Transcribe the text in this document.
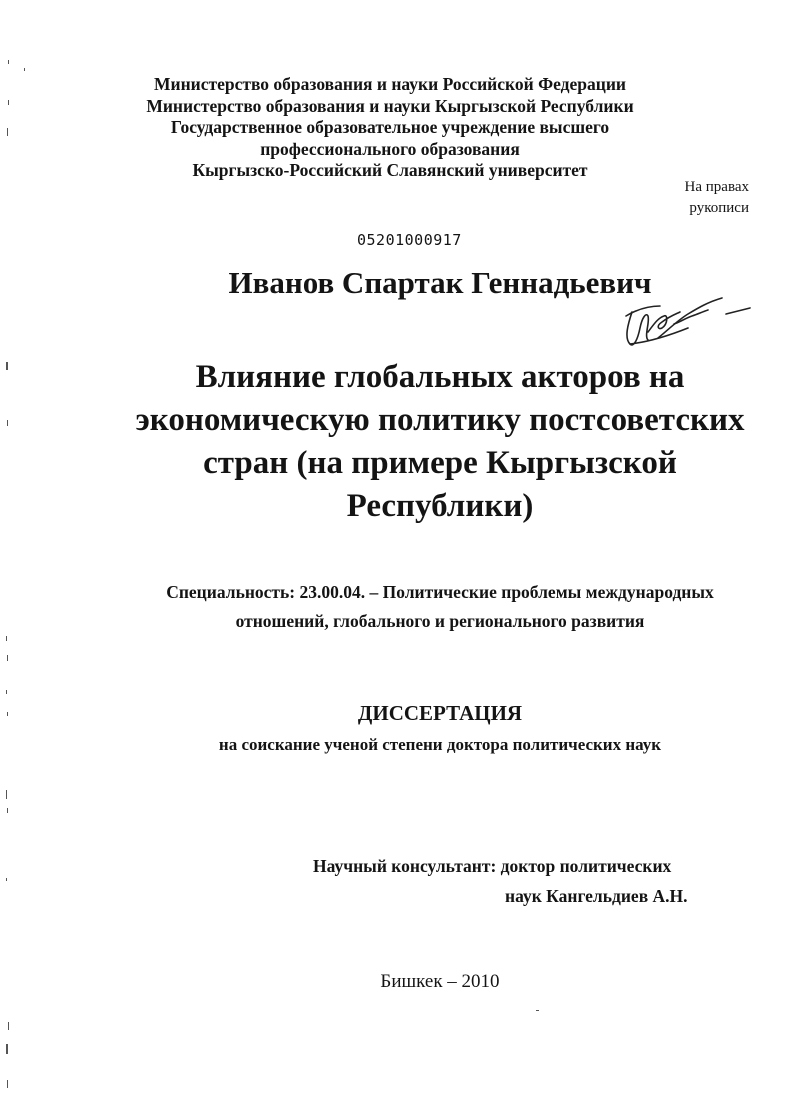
Министерство образования и науки Российской Федерации
Министерство образования и науки Кыргызской Республики
Государственное образовательное учреждение высшего
профессионального образования
Кыргызско-Российский Славянский университет
На правах
рукописи
05201000917
Иванов Спартак Геннадьевич
Влияние глобальных акторов на
экономическую политику постсоветских
стран (на примере Кыргызской
Республики)
Специальность: 23.00.04. – Политические проблемы международных
отношений, глобального и регионального развития
ДИССЕРТАЦИЯ
на соискание ученой степени доктора политических наук
Научный консультант: доктор политических
наук Кангельдиев А.Н.
Бишкек – 2010
